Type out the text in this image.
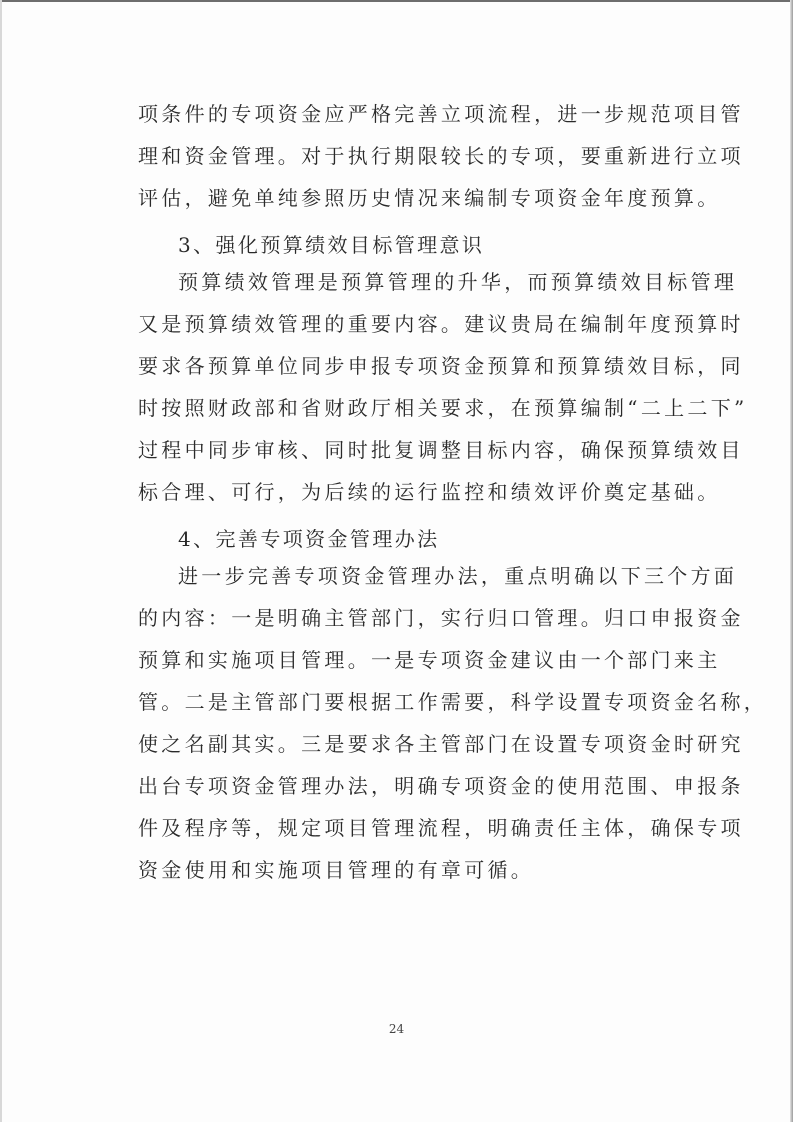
项条件的专项资金应严格完善立项流程，进一步规范项目管
理和资金管理。对于执行期限较长的专项，要重新进行立项
评估，避免单纯参照历史情况来编制专项资金年度预算。
3、强化预算绩效目标管理意识
预算绩效管理是预算管理的升华，而预算绩效目标管理
又是预算绩效管理的重要内容。建议贵局在编制年度预算时
要求各预算单位同步申报专项资金预算和预算绩效目标，同
时按照财政部和省财政厅相关要求，在预算编制“二上二下”
过程中同步审核、同时批复调整目标内容，确保预算绩效目
标合理、可行，为后续的运行监控和绩效评价奠定基础。
4、完善专项资金管理办法
进一步完善专项资金管理办法，重点明确以下三个方面
的内容：一是明确主管部门，实行归口管理。归口申报资金
预算和实施项目管理。一是专项资金建议由一个部门来主
管。二是主管部门要根据工作需要，科学设置专项资金名称，
使之名副其实。三是要求各主管部门在设置专项资金时研究
出台专项资金管理办法，明确专项资金的使用范围、申报条
件及程序等，规定项目管理流程，明确责任主体，确保专项
资金使用和实施项目管理的有章可循。
24
